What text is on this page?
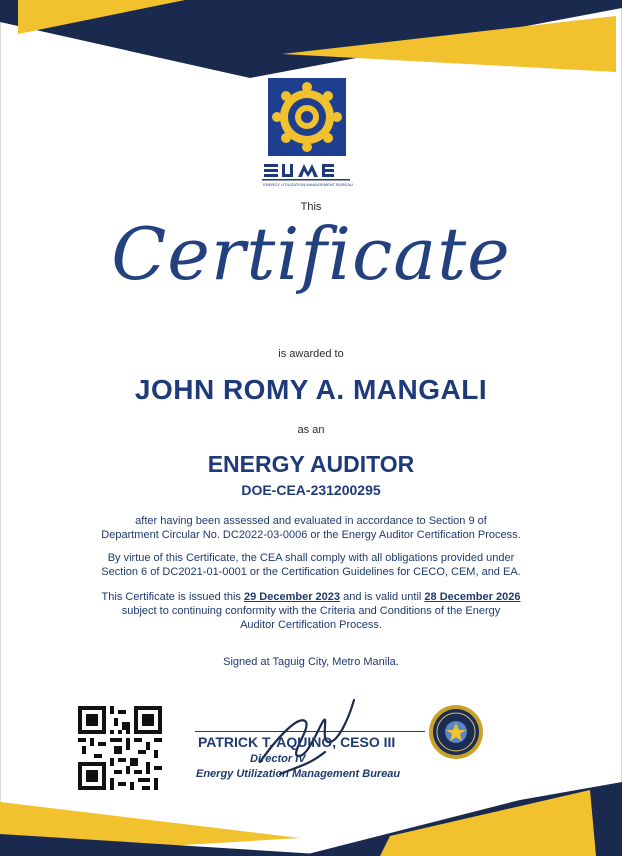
ENERGY UTILIZATION MANAGEMENT BUREAU
This
Certificate
is awarded to
JOHN ROMY A. MANGALI
as an
ENERGY AUDITOR
DOE-CEA-231200295
after having been assessed and evaluated in accordance to Section 9 of
Department Circular No. DC2022-03-0006 or the Energy Auditor Certification Process.
By virtue of this Certificate, the CEA shall comply with all obligations provided under
Section 6 of DC2021-01-0001 or the Certification Guidelines for CECO, CEM, and EA.
This Certificate is issued this 29 December 2023 and is valid until 28 December 2026
subject to continuing conformity with the Criteria and Conditions of the Energy
Auditor Certification Process.
Signed at Taguig City, Metro Manila.
PATRICK T. AQUINO, CESO III
Director IV
Energy Utilization Management Bureau
